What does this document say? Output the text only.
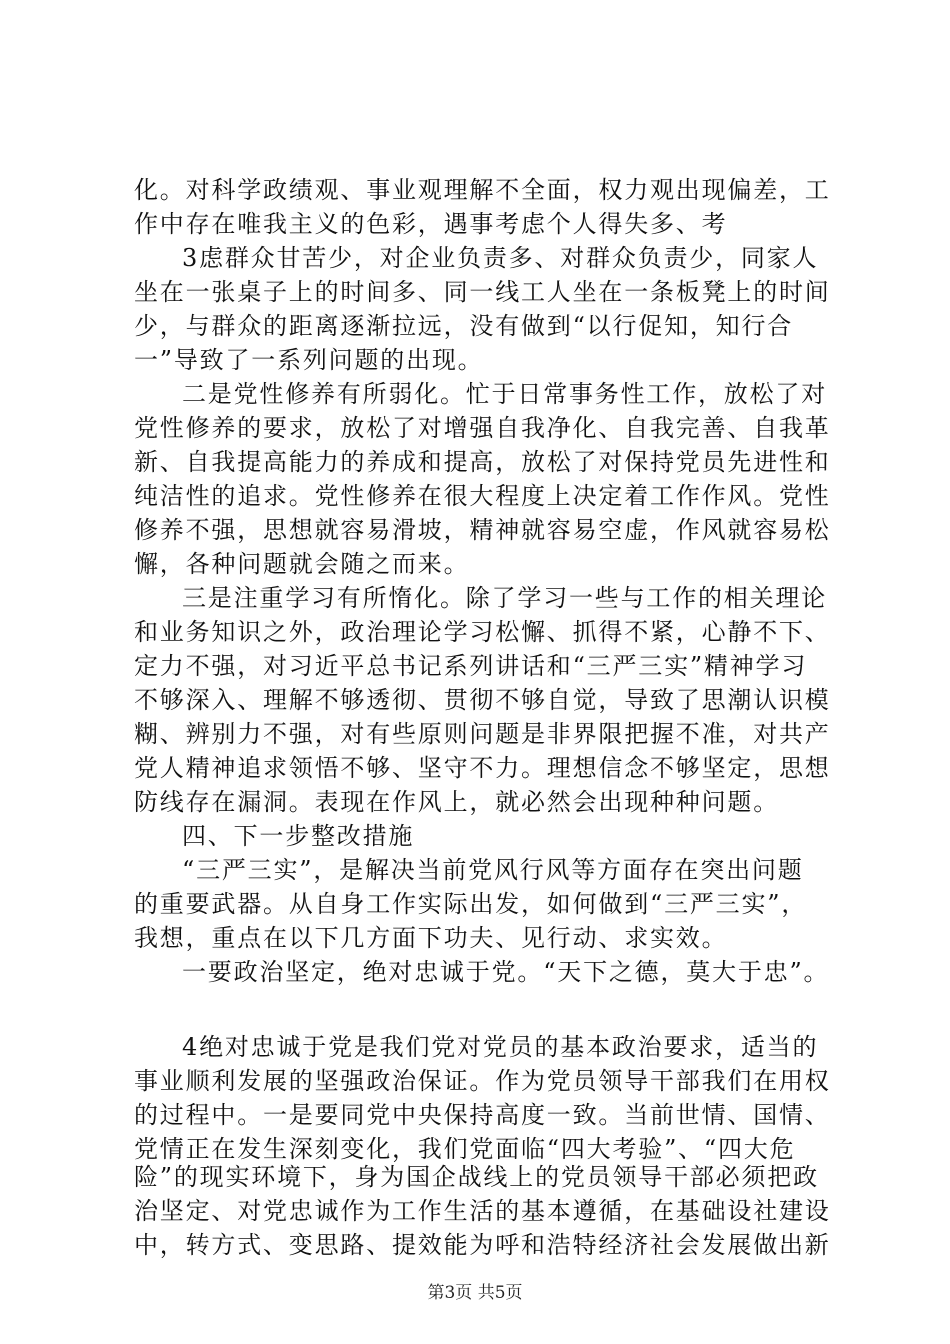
化。对科学政绩观、事业观理解不全面，权力观出现偏差，工
作中存在唯我主义的色彩，遇事考虑个人得失多、考
3虑群众甘苦少，对企业负责多、对群众负责少，同家人
坐在一张桌子上的时间多、同一线工人坐在一条板凳上的时间
少，与群众的距离逐渐拉远，没有做到“以行促知，知行合
一”导致了一系列问题的出现。
二是党性修养有所弱化。忙于日常事务性工作，放松了对
党性修养的要求，放松了对增强自我净化、自我完善、自我革
新、自我提高能力的养成和提高，放松了对保持党员先进性和
纯洁性的追求。党性修养在很大程度上决定着工作作风。党性
修养不强，思想就容易滑坡，精神就容易空虚，作风就容易松
懈，各种问题就会随之而来。
三是注重学习有所惰化。除了学习一些与工作的相关理论
和业务知识之外，政治理论学习松懈、抓得不紧，心静不下、
定力不强，对习近平总书记系列讲话和“三严三实”精神学习
不够深入、理解不够透彻、贯彻不够自觉，导致了思潮认识模
糊、辨别力不强，对有些原则问题是非界限把握不准，对共产
党人精神追求领悟不够、坚守不力。理想信念不够坚定，思想
防线存在漏洞。表现在作风上，就必然会出现种种问题。
四、下一步整改措施
“三严三实”，是解决当前党风行风等方面存在突出问题
的重要武器。从自身工作实际出发，如何做到“三严三实”，
我想，重点在以下几方面下功夫、见行动、求实效。
一要政治坚定，绝对忠诚于党。“天下之德，莫大于忠”。
4绝对忠诚于党是我们党对党员的基本政治要求，适当的
事业顺利发展的坚强政治保证。作为党员领导干部我们在用权
的过程中。一是要同党中央保持高度一致。当前世情、国情、
党情正在发生深刻变化，我们党面临“四大考验”、“四大危
险”的现实环境下，身为国企战线上的党员领导干部必须把政
治坚定、对党忠诚作为工作生活的基本遵循，在基础设社建设
中，转方式、变思路、提效能为呼和浩特经济社会发展做出新
第3页 共5页
